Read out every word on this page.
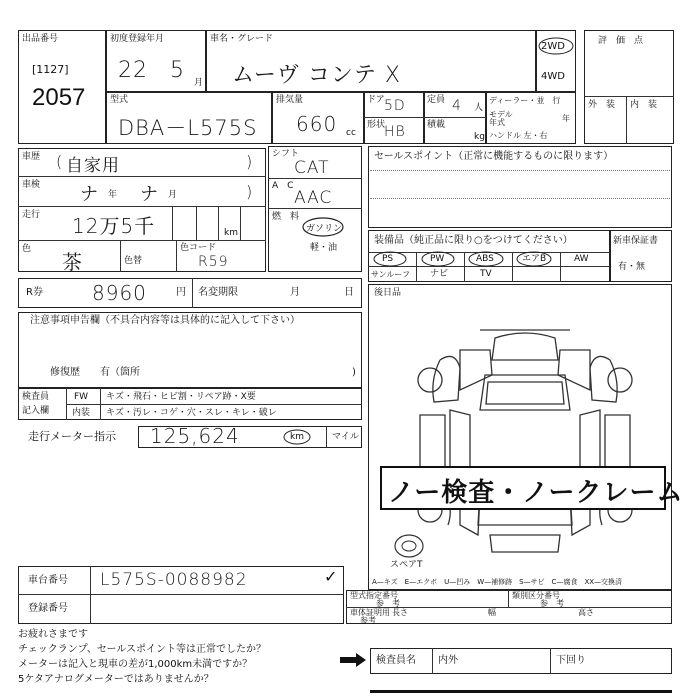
出品番号
[1127]
2057
初度登録年月
22 5 月
車名・グレード
ムーヴ コンテ X
2WD
4WD
評　価　点
外　装 内　装
型式
DBA－L575S
排気量
660 cc
ドア 5D
形状
HB
定員 4 人
積載
kg
ディーラー・並　行
モデル
年式	年
ハンドル 左・右
車歴 ( 自家用	)
車検 ナ 年 ナ 月	)
走行 12万5千	km
色
茶	色替
色コード
R59
シフト
CAT
A　C
AAC
燃　料
ガソリン
軽・油
セールスポイント（正常に機能するものに限ります）
装備品（純正品に限り○をつけてください）
PS	PW	ABS	エアB	AW
サンルーフ ナビ	TV
新車保証書
有・無
R券 8960	円 名変期限	月	日
注意事項申告欄（不具合内容等は具体的に記入して下さい）
修復歴　　有（箇所	)
検査員
記入欄
FW キズ・飛石・ヒビ割・リペア跡・X要
内装 キズ・汚レ・コゲ・穴・スレ・キレ・破レ
走行メーター指示 125,624	km	マイル
後日品
ノー検査・ノークレーム
スペアT
A—キズ　E—エクボ　U—凹み　W—補修跡　S—サビ　C—腐食　XX—交換済
車台番号 L575S-0088982	✓
登録番号
型式指定番号
参　考
類別区分番号
参　考
車体証明用
参考
長さ	幅	高さ
お疲れさまです
チェックランプ、セールスポイント等は正常でしたか？
メーターは記入と現車の差が1,000km未満ですか？
5ケタアナログメーターではありませんか？
検査員名 内外	下回り
